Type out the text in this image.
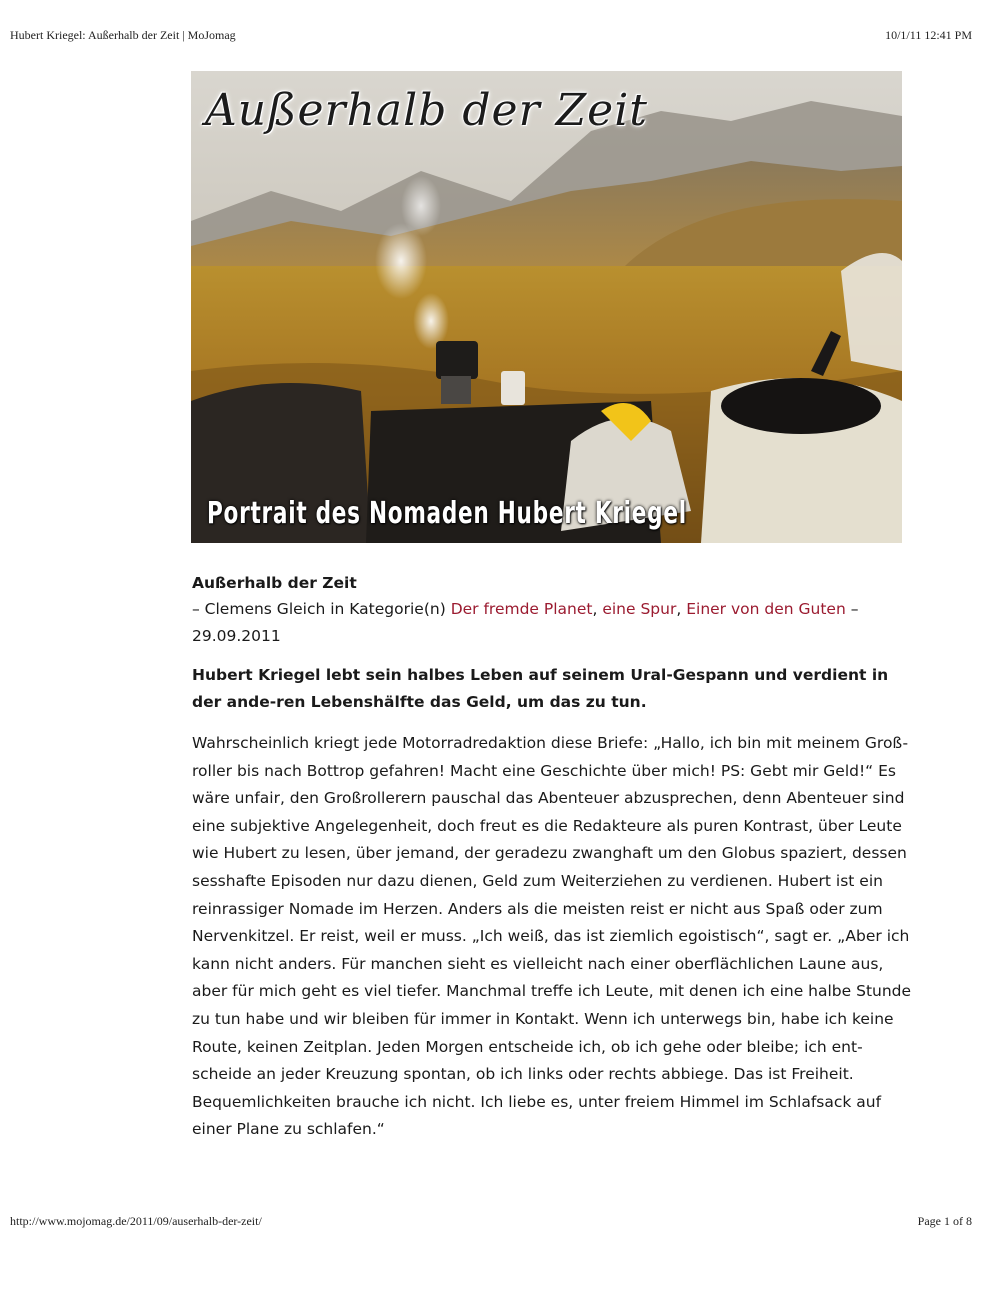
Hubert Kriegel: Außerhalb der Zeit | MoJomag	10/1/11 12:41 PM
Außerhalb der Zeit
Portrait des Nomaden Hubert Kriegel
Außerhalb der Zeit
– Clemens Gleich in Kategorie(n) Der fremde Planet, eine Spur, Einer von den Guten –
29.09.2011

Hubert Kriegel lebt sein halbes Leben auf seinem Ural-Gespann und verdient in der ande-ren Lebenshälfte das Geld, um das zu tun.

Wahrscheinlich kriegt jede Motorradredaktion diese Briefe: „Hallo, ich bin mit meinem Groß-roller bis nach Bottrop gefahren! Macht eine Geschichte über mich! PS: Gebt mir Geld!“ Es wäre unfair, den Großrollerern pauschal das Abenteuer abzusprechen, denn Abenteuer sind eine subjektive Angelegenheit, doch freut es die Redakteure als puren Kontrast, über Leute wie Hubert zu lesen, über jemand, der geradezu zwanghaft um den Globus spaziert, dessen sesshafte Episoden nur dazu dienen, Geld zum Weiterziehen zu verdienen. Hubert ist ein reinrassiger Nomade im Herzen. Anders als die meisten reist er nicht aus Spaß oder zum Nervenkitzel. Er reist, weil er muss. „Ich weiß, das ist ziemlich egoistisch“, sagt er. „Aber ich kann nicht anders. Für manchen sieht es vielleicht nach einer oberflächlichen Laune aus, aber für mich geht es viel tiefer. Manchmal treffe ich Leute, mit denen ich eine halbe Stunde zu tun habe und wir bleiben für immer in Kontakt. Wenn ich unterwegs bin, habe ich keine Route, keinen Zeitplan. Jeden Morgen entscheide ich, ob ich gehe oder bleibe; ich ent-scheide an jeder Kreuzung spontan, ob ich links oder rechts abbiege. Das ist Freiheit. Bequemlichkeiten brauche ich nicht. Ich liebe es, unter freiem Himmel im Schlafsack auf einer Plane zu schlafen.“

http://www.mojomag.de/2011/09/auserhalb-der-zeit/	Page 1 of 8
